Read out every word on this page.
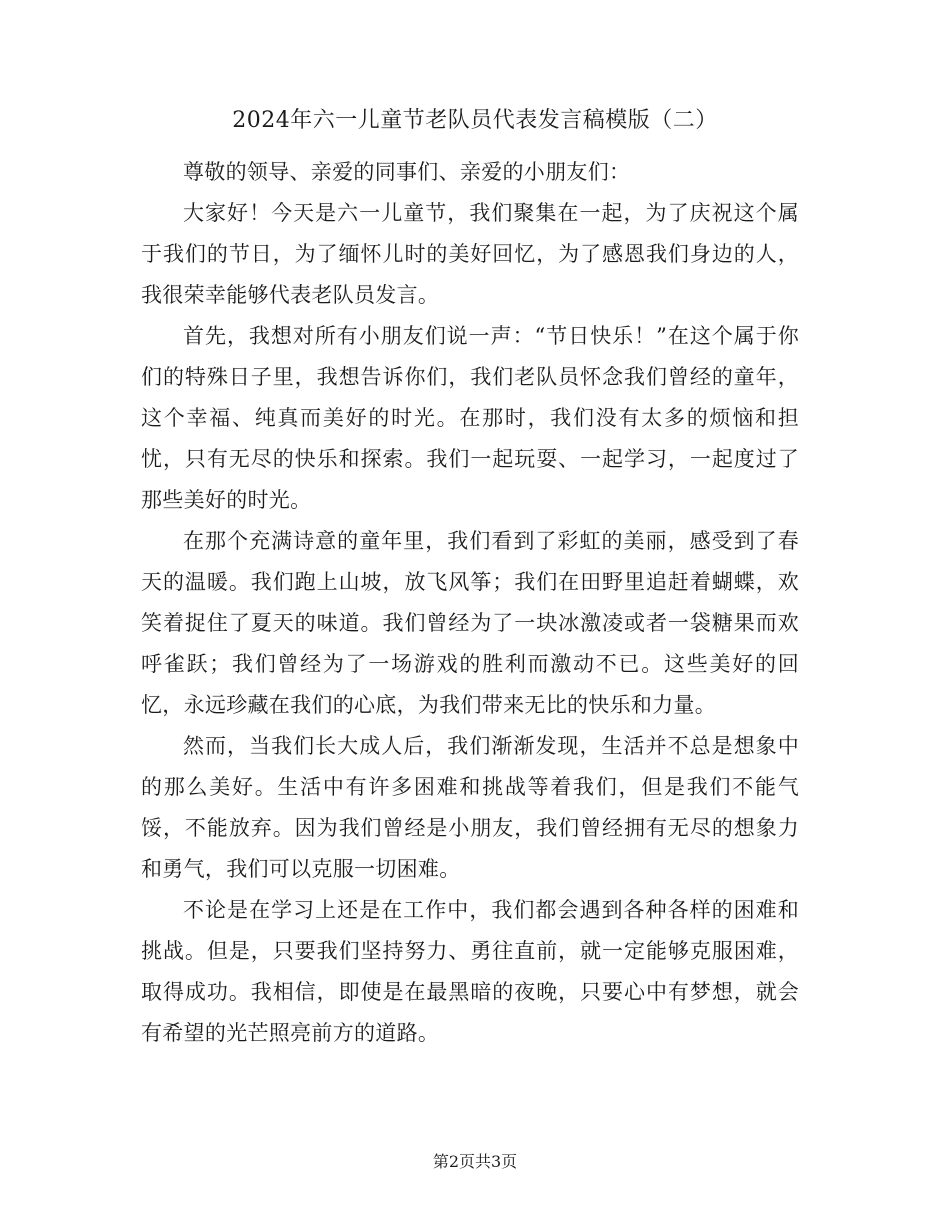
2024年六一儿童节老队员代表发言稿模版（二）

尊敬的领导、亲爱的同事们、亲爱的小朋友们：

大家好！今天是六一儿童节，我们聚集在一起，为了庆祝这个属于我们的节日，为了缅怀儿时的美好回忆，为了感恩我们身边的人，我很荣幸能够代表老队员发言。

首先，我想对所有小朋友们说一声：“节日快乐！”在这个属于你们的特殊日子里，我想告诉你们，我们老队员怀念我们曾经的童年，这个幸福、纯真而美好的时光。在那时，我们没有太多的烦恼和担忧，只有无尽的快乐和探索。我们一起玩耍、一起学习，一起度过了那些美好的时光。

在那个充满诗意的童年里，我们看到了彩虹的美丽，感受到了春天的温暖。我们跑上山坡，放飞风筝；我们在田野里追赶着蝴蝶，欢笑着捉住了夏天的味道。我们曾经为了一块冰激凌或者一袋糖果而欢呼雀跃；我们曾经为了一场游戏的胜利而激动不已。这些美好的回忆，永远珍藏在我们的心底，为我们带来无比的快乐和力量。

然而，当我们长大成人后，我们渐渐发现，生活并不总是想象中的那么美好。生活中有许多困难和挑战等着我们，但是我们不能气馁，不能放弃。因为我们曾经是小朋友，我们曾经拥有无尽的想象力和勇气，我们可以克服一切困难。

不论是在学习上还是在工作中，我们都会遇到各种各样的困难和挑战。但是，只要我们坚持努力、勇往直前，就一定能够克服困难，取得成功。我相信，即使是在最黑暗的夜晚，只要心中有梦想，就会有希望的光芒照亮前方的道路。

第2页共3页
